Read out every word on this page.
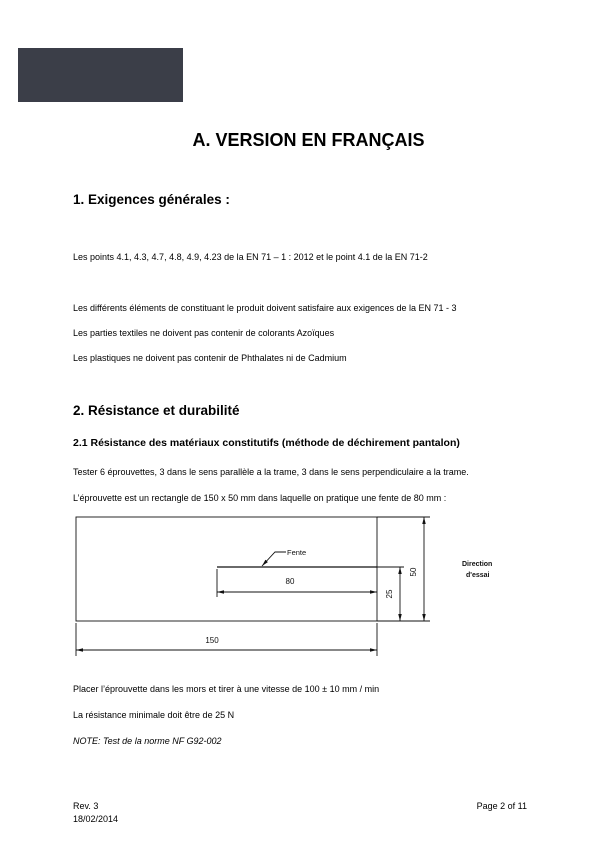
A. VERSION EN FRANÇAIS
1. Exigences générales :
Les points 4.1, 4.3, 4.7, 4.8, 4.9, 4.23 de la EN 71 – 1 : 2012 et le point 4.1 de la EN 71-2
Les différents éléments de constituant le produit doivent satisfaire aux exigences de la EN 71 - 3
Les parties textiles ne doivent pas contenir de colorants Azoïques
Les plastiques ne doivent pas contenir de Phthalates ni de Cadmium
2. Résistance et durabilité
2.1 Résistance des matériaux constitutifs (méthode de déchirement pantalon)
Tester 6 éprouvettes, 3 dans le sens parallèle a la trame, 3 dans le sens perpendiculaire a la trame.
L’éprouvette est un rectangle de 150 x 50 mm dans laquelle on pratique une fente de 80 mm :
Fente
80
25
50
150
Direction
d'essai
Placer l’éprouvette dans les mors et tirer à une vitesse de 100 ± 10 mm / min
La résistance minimale doit être de 25 N
NOTE: Test de la norme NF G92-002
Rev. 3
18/02/2014
Page 2 of 11
